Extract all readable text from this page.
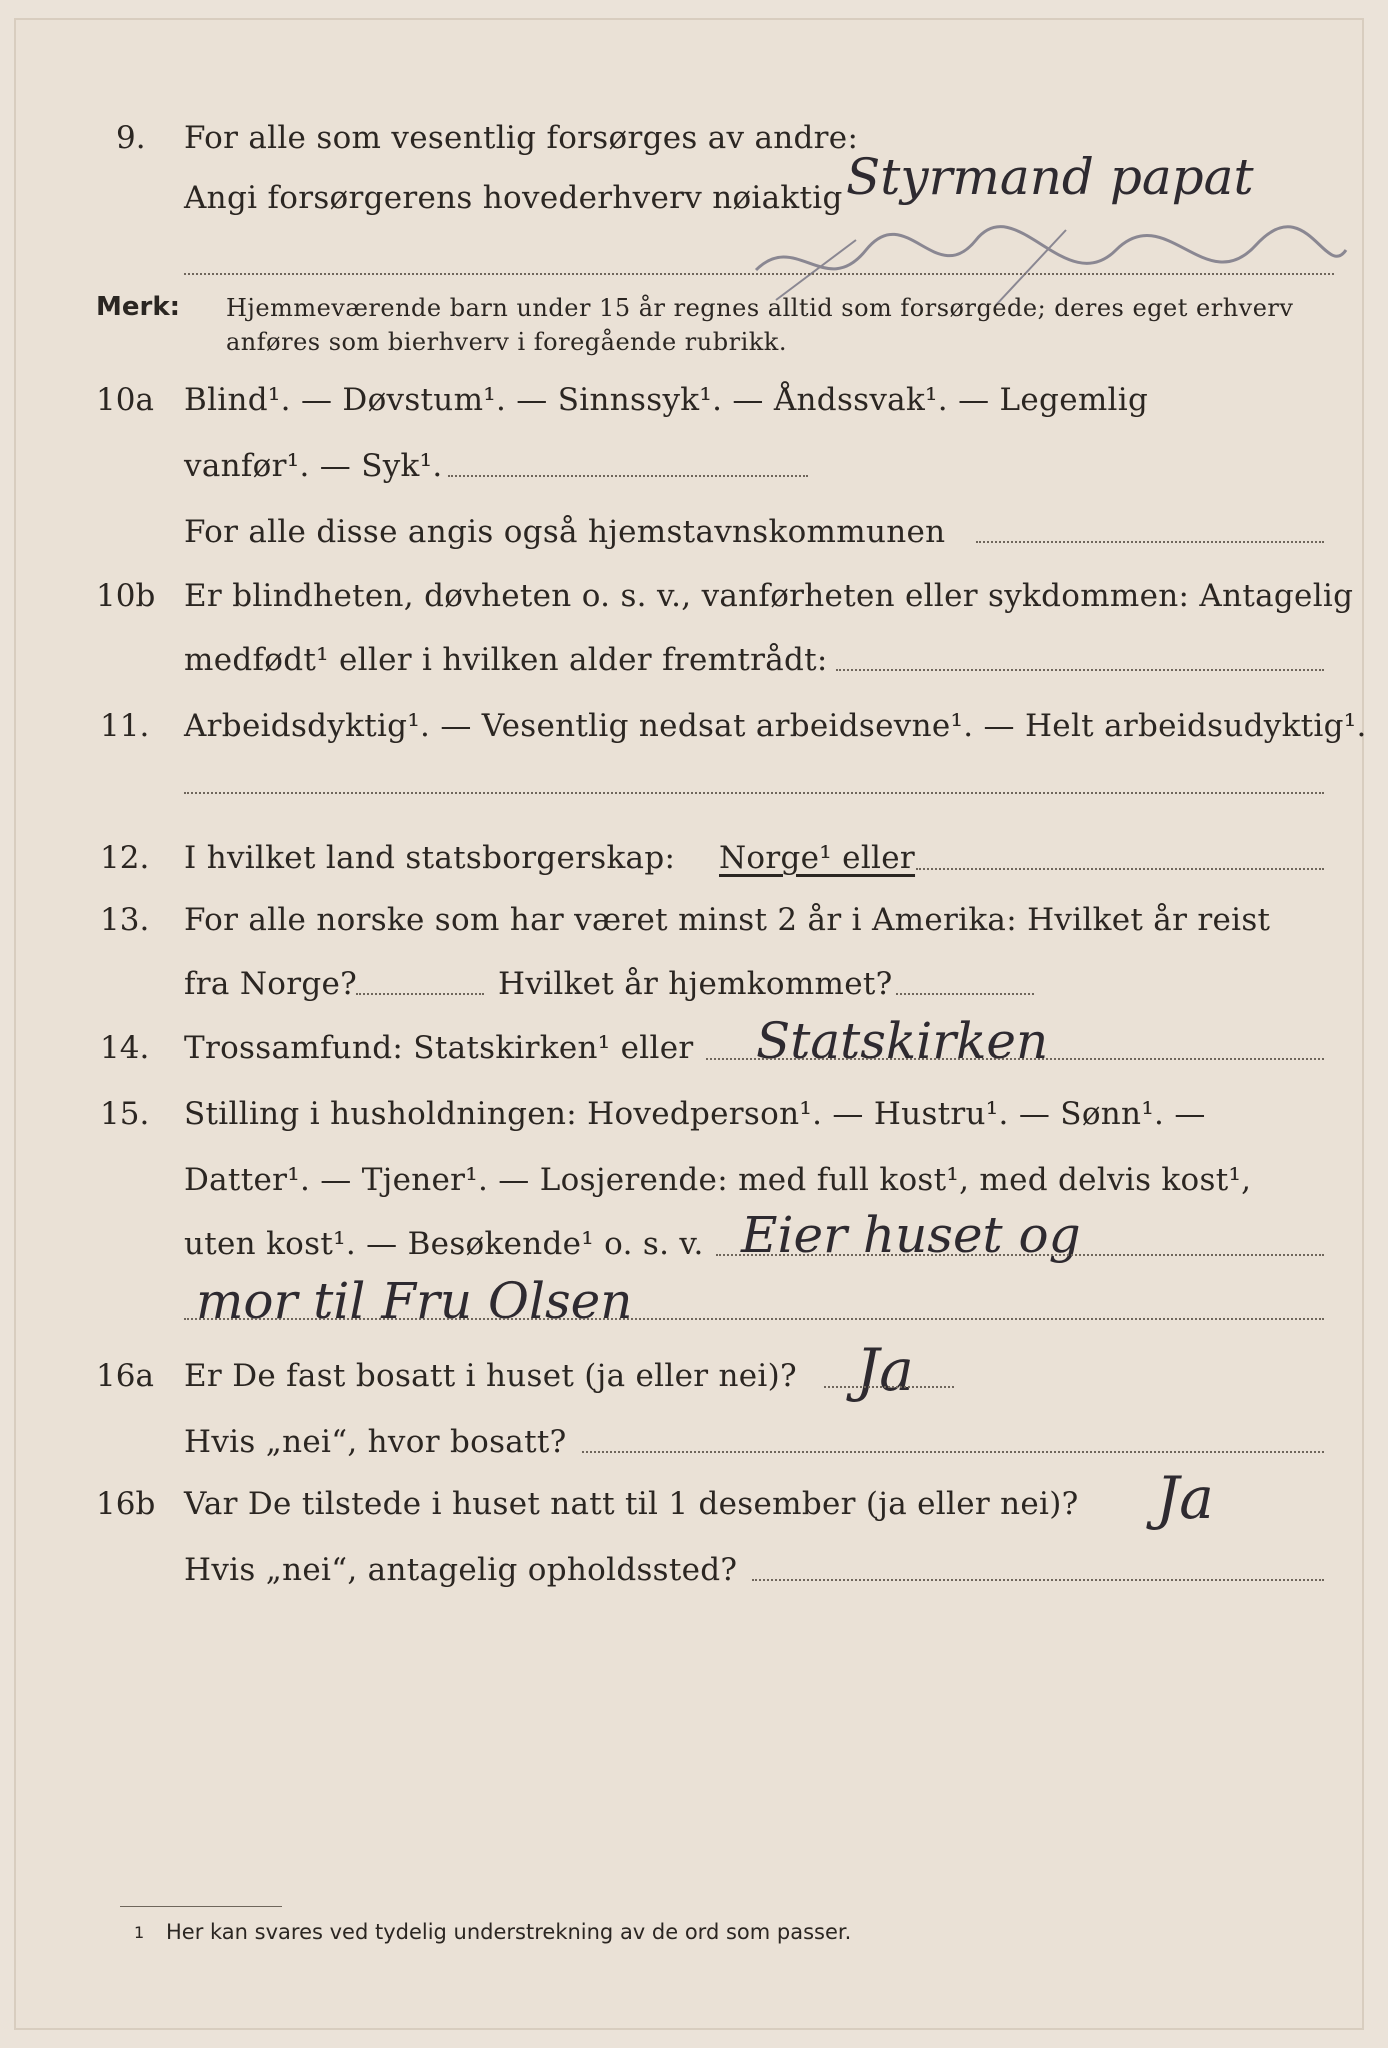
9. For alle som vesentlig forsørges av andre:
Angi forsørgerens hovederhverv nøiaktig Styrmand papat
Merk: Hjemmeværende barn under 15 år regnes alltid som forsørgede; deres eget erhverv
anføres som bierhverv i foregående rubrikk.
10a Blind¹. — Døvstum¹. — Sinnssyk¹. — Åndssvak¹. — Legemlig
vanfør¹. — Syk¹.
For alle disse angis også hjemstavnskommunen
10b Er blindheten, døvheten o. s. v., vanførheten eller sykdommen: Antagelig
medfødt¹ eller i hvilken alder fremtrådt:
11. Arbeidsdyktig¹. — Vesentlig nedsat arbeidsevne¹. — Helt arbeidsudyktig¹.
12. I hvilket land statsborgerskap: Norge¹ eller
13. For alle norske som har været minst 2 år i Amerika: Hvilket år reist
fra Norge?	Hvilket år hjemkommet?
14. Trossamfund: Statskirken¹ eller Statskirken
15. Stilling i husholdningen: Hovedperson¹. — Hustru¹. — Sønn¹. —
Datter¹. — Tjener¹. — Losjerende: med full kost¹, med delvis kost¹,
uten kost¹. — Besøkende¹ o. s. v. Eier huset og
mor til Fru Olsen
16a Er De fast bosatt i huset (ja eller nei)? Ja
Hvis „nei“, hvor bosatt?
16b Var De tilstede i huset natt til 1 desember (ja eller nei)? Ja
Hvis „nei“, antagelig opholdssted?
1 Her kan svares ved tydelig understrekning av de ord som passer.
